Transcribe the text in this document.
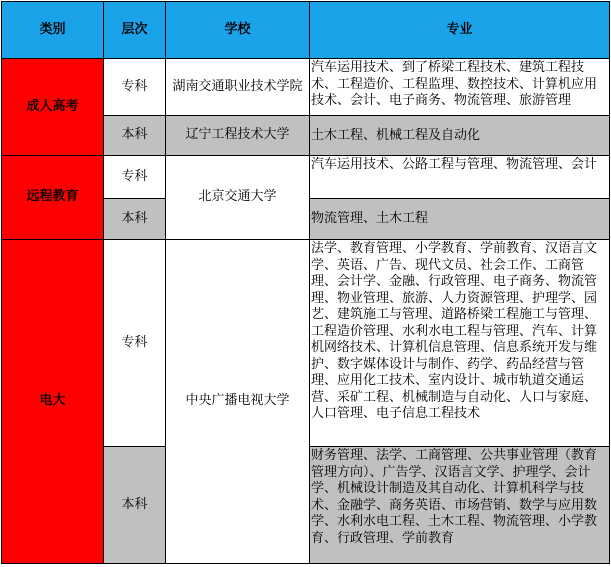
类别	层次	学校	专业
成人高考	专科	湖南交通职业技术学院	汽车运用技术、到了桥梁工程技术、建筑工程技术、工程造价、工程监理、数控技术、计算机应用技术、会计、电子商务、物流管理、旅游管理
	本科	辽宁工程技术大学	土木工程、机械工程及自动化
远程教育	专科	北京交通大学	汽车运用技术、公路工程与管理、物流管理、会计
	本科		物流管理、土木工程
电大	专科	中央广播电视大学	法学、教育管理、小学教育、学前教育、汉语言文学、英语、广告、现代文员、社会工作、工商管理、会计学、金融、行政管理、电子商务、物流管理、物业管理、旅游、人力资源管理、护理学、园艺、建筑施工与管理、道路桥梁工程施工与管理、工程造价管理、水利水电工程与管理、汽车、计算机网络技术、计算机信息管理、信息系统开发与维护、数字媒体设计与制作、药学、药品经营与管理、应用化工技术、室内设计、城市轨道交通运营、采矿工程、机械制造与自动化、人口与家庭、人口管理、电子信息工程技术
	本科		财务管理、法学、工商管理、公共事业管理（教育管理方向）、广告学、汉语言文学、护理学、会计学、机械设计制造及其自动化、计算机科学与技术、金融学、商务英语、市场营销、数学与应用数学、水利水电工程、土木工程、物流管理、小学教育、行政管理、学前教育
